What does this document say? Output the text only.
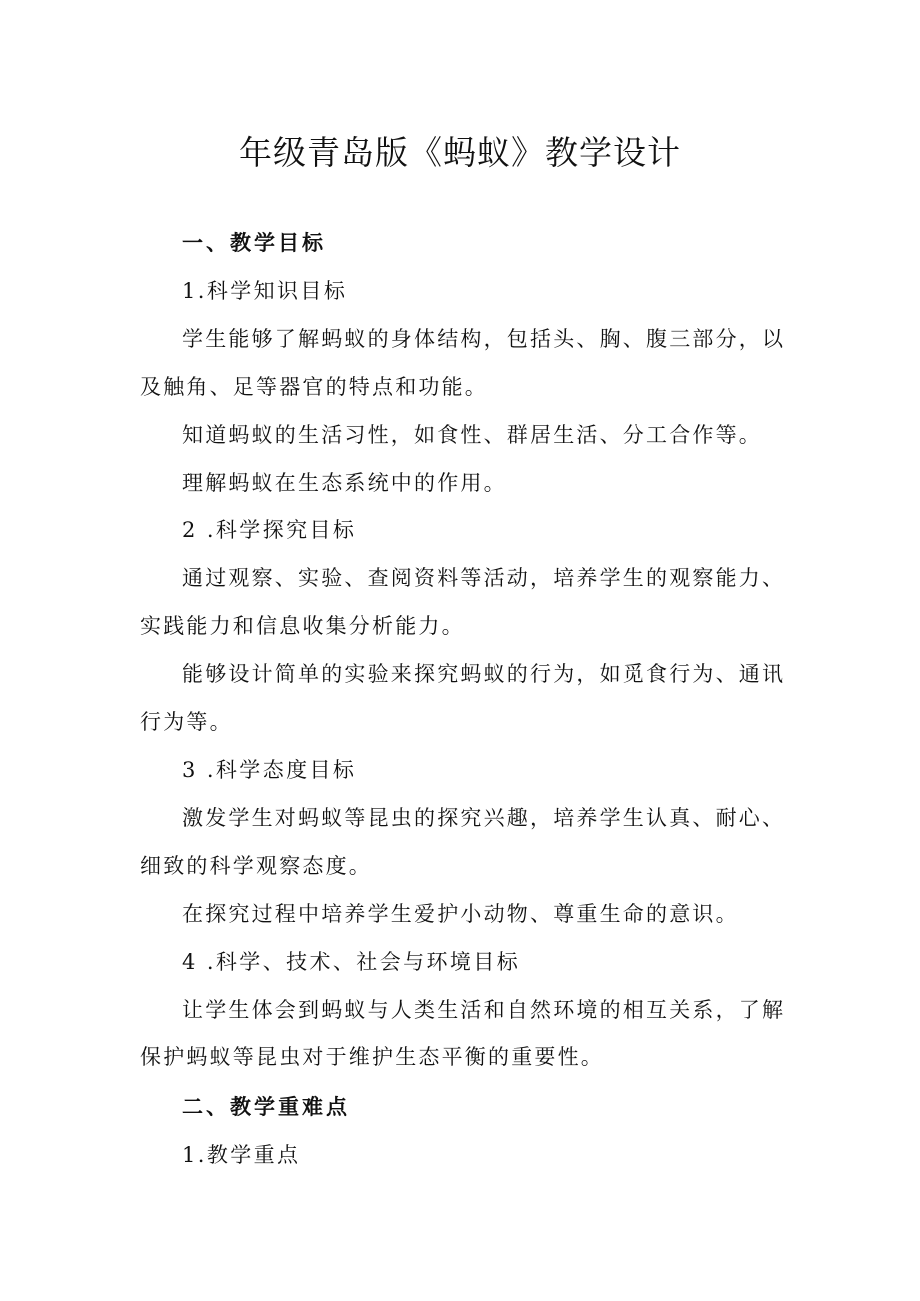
年级青岛版《蚂蚁》教学设计

一、教学目标

1.科学知识目标

学生能够了解蚂蚁的身体结构，包括头、胸、腹三部分，以及触角、足等器官的特点和功能。

知道蚂蚁的生活习性，如食性、群居生活、分工合作等。

理解蚂蚁在生态系统中的作用。

2 .科学探究目标

通过观察、实验、查阅资料等活动，培养学生的观察能力、实践能力和信息收集分析能力。

能够设计简单的实验来探究蚂蚁的行为，如觅食行为、通讯行为等。

3 .科学态度目标

激发学生对蚂蚁等昆虫的探究兴趣，培养学生认真、耐心、细致的科学观察态度。

在探究过程中培养学生爱护小动物、尊重生命的意识。

4 .科学、技术、社会与环境目标

让学生体会到蚂蚁与人类生活和自然环境的相互关系，了解保护蚂蚁等昆虫对于维护生态平衡的重要性。

二、教学重难点

1.教学重点
